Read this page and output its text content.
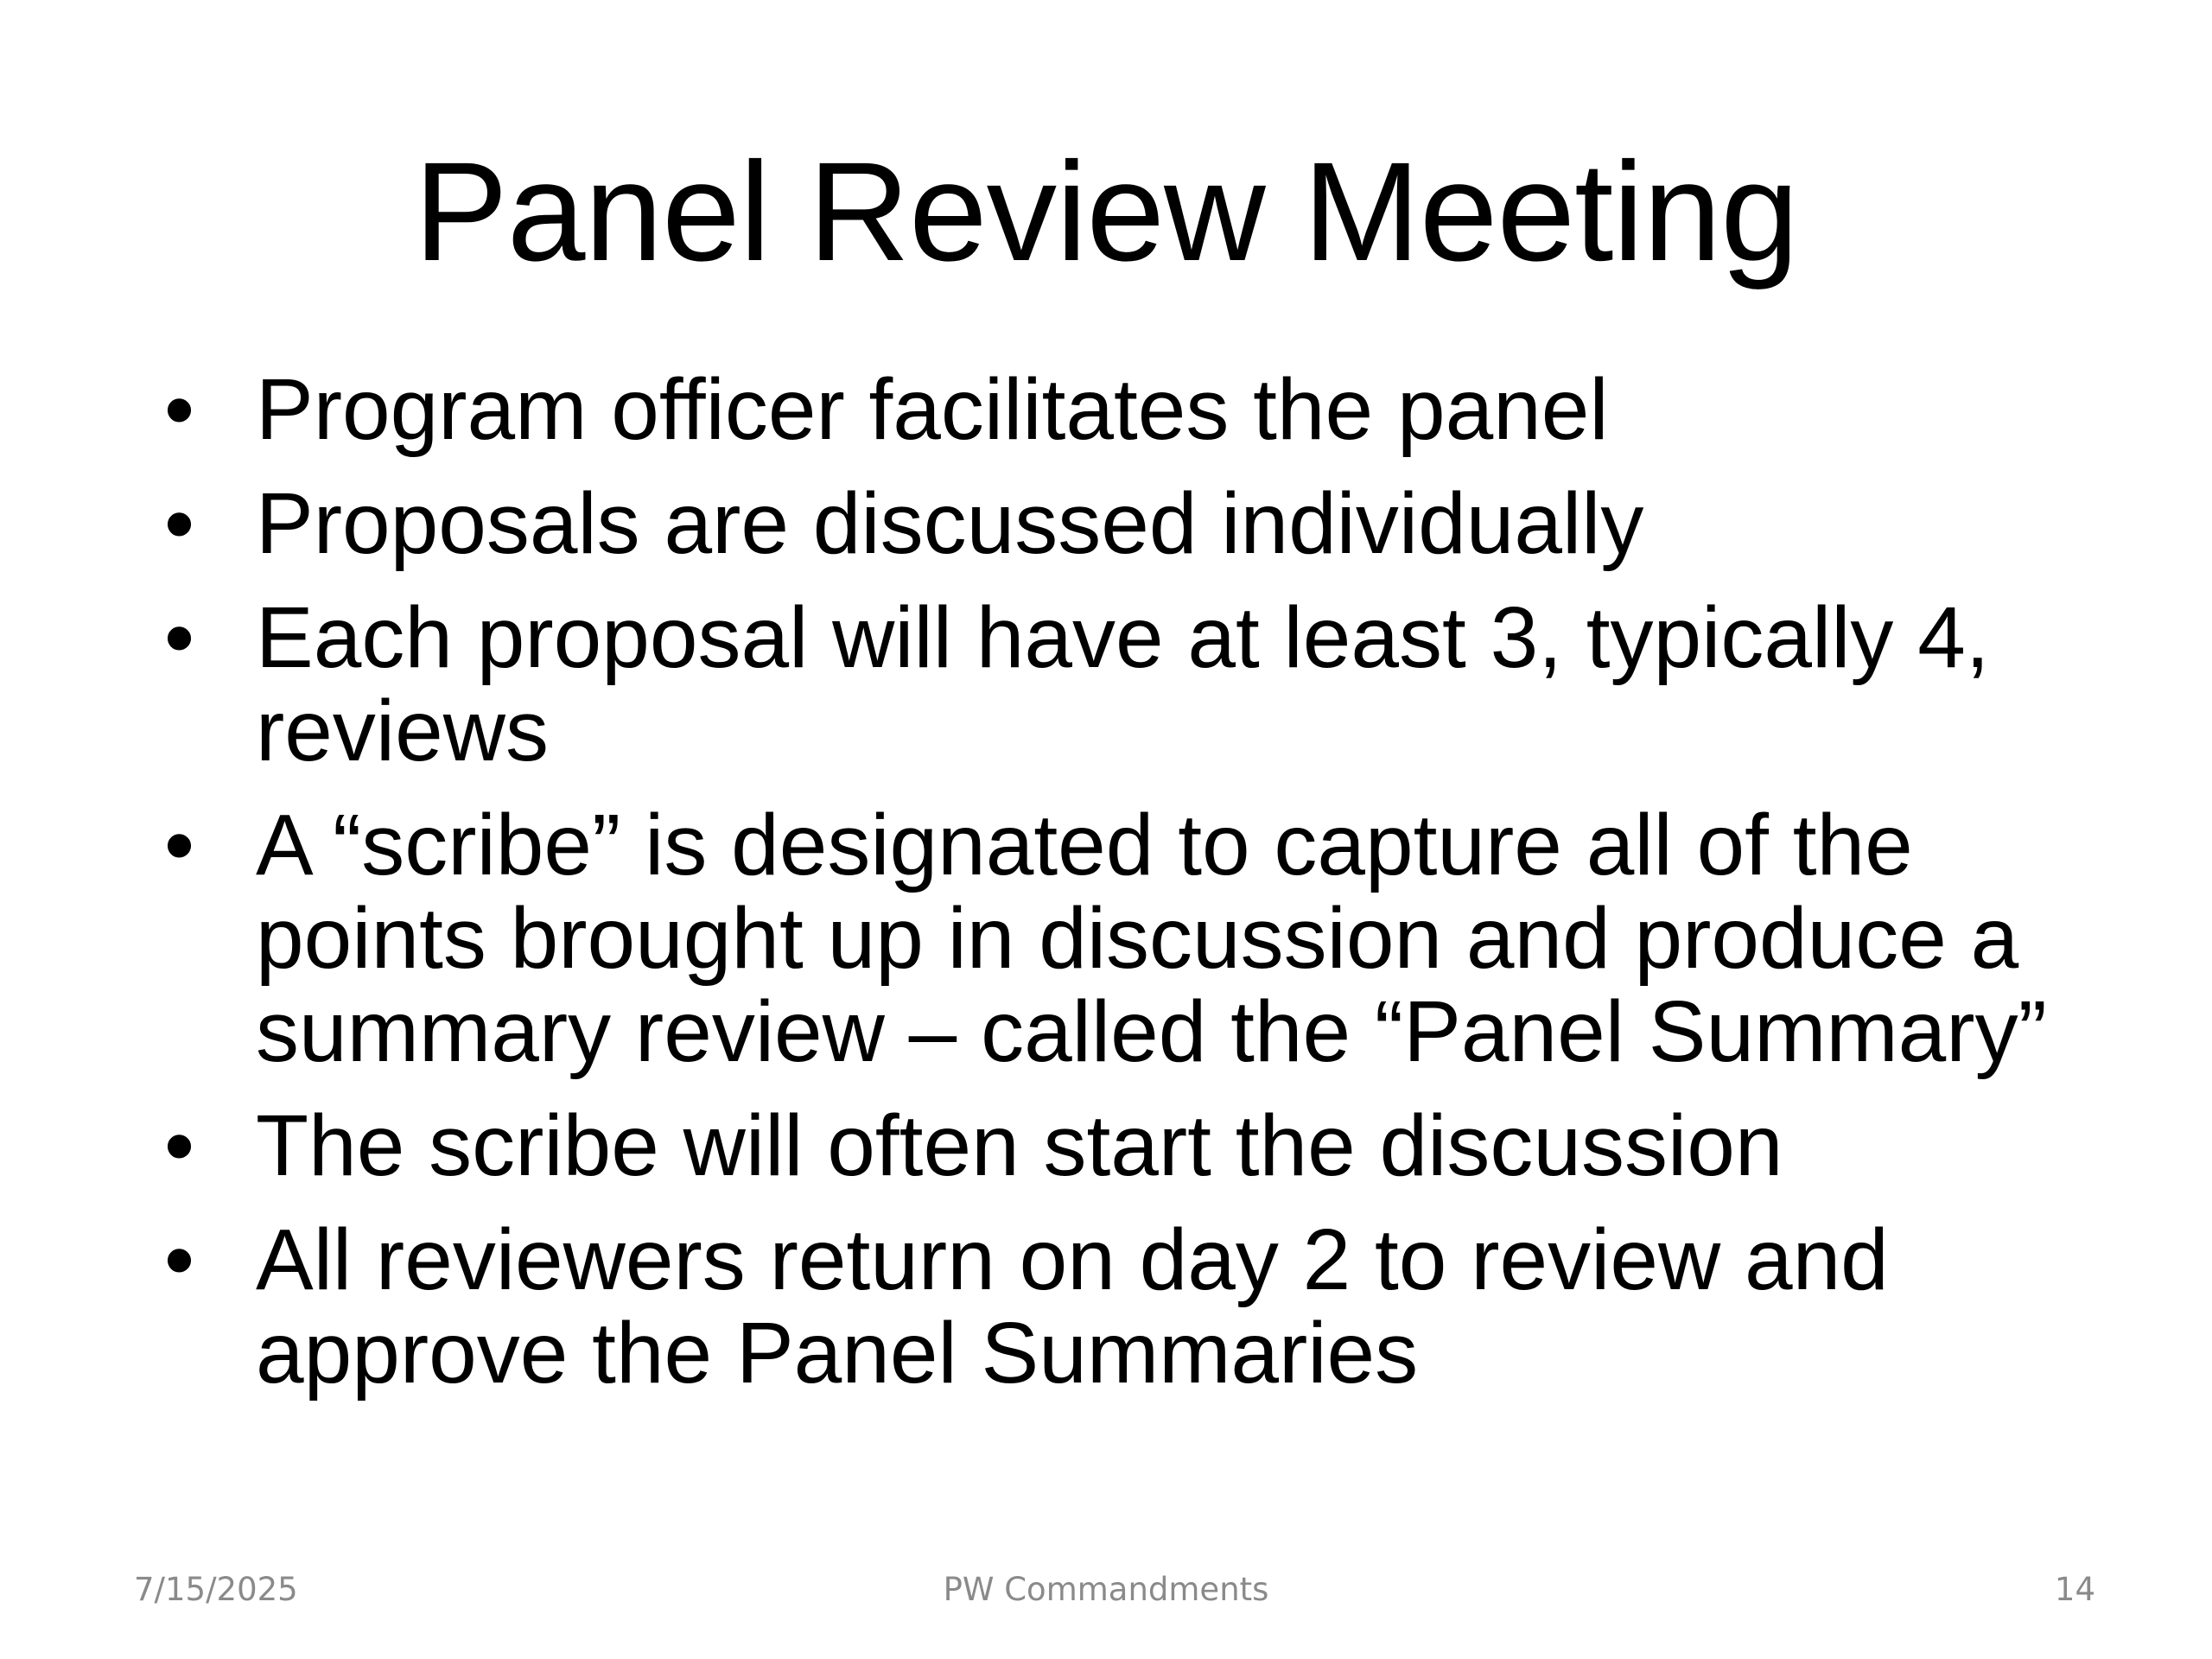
Panel Review Meeting
• Program officer facilitates the panel
• Proposals are discussed individually
• Each proposal will have at least 3, typically 4, reviews
• A “scribe” is designated to capture all of the points brought up in discussion and produce a summary review – called the “Panel Summary”
• The scribe will often start the discussion
• All reviewers return on day 2 to review and approve the Panel Summaries
7/15/2025	PW Commandments	14
